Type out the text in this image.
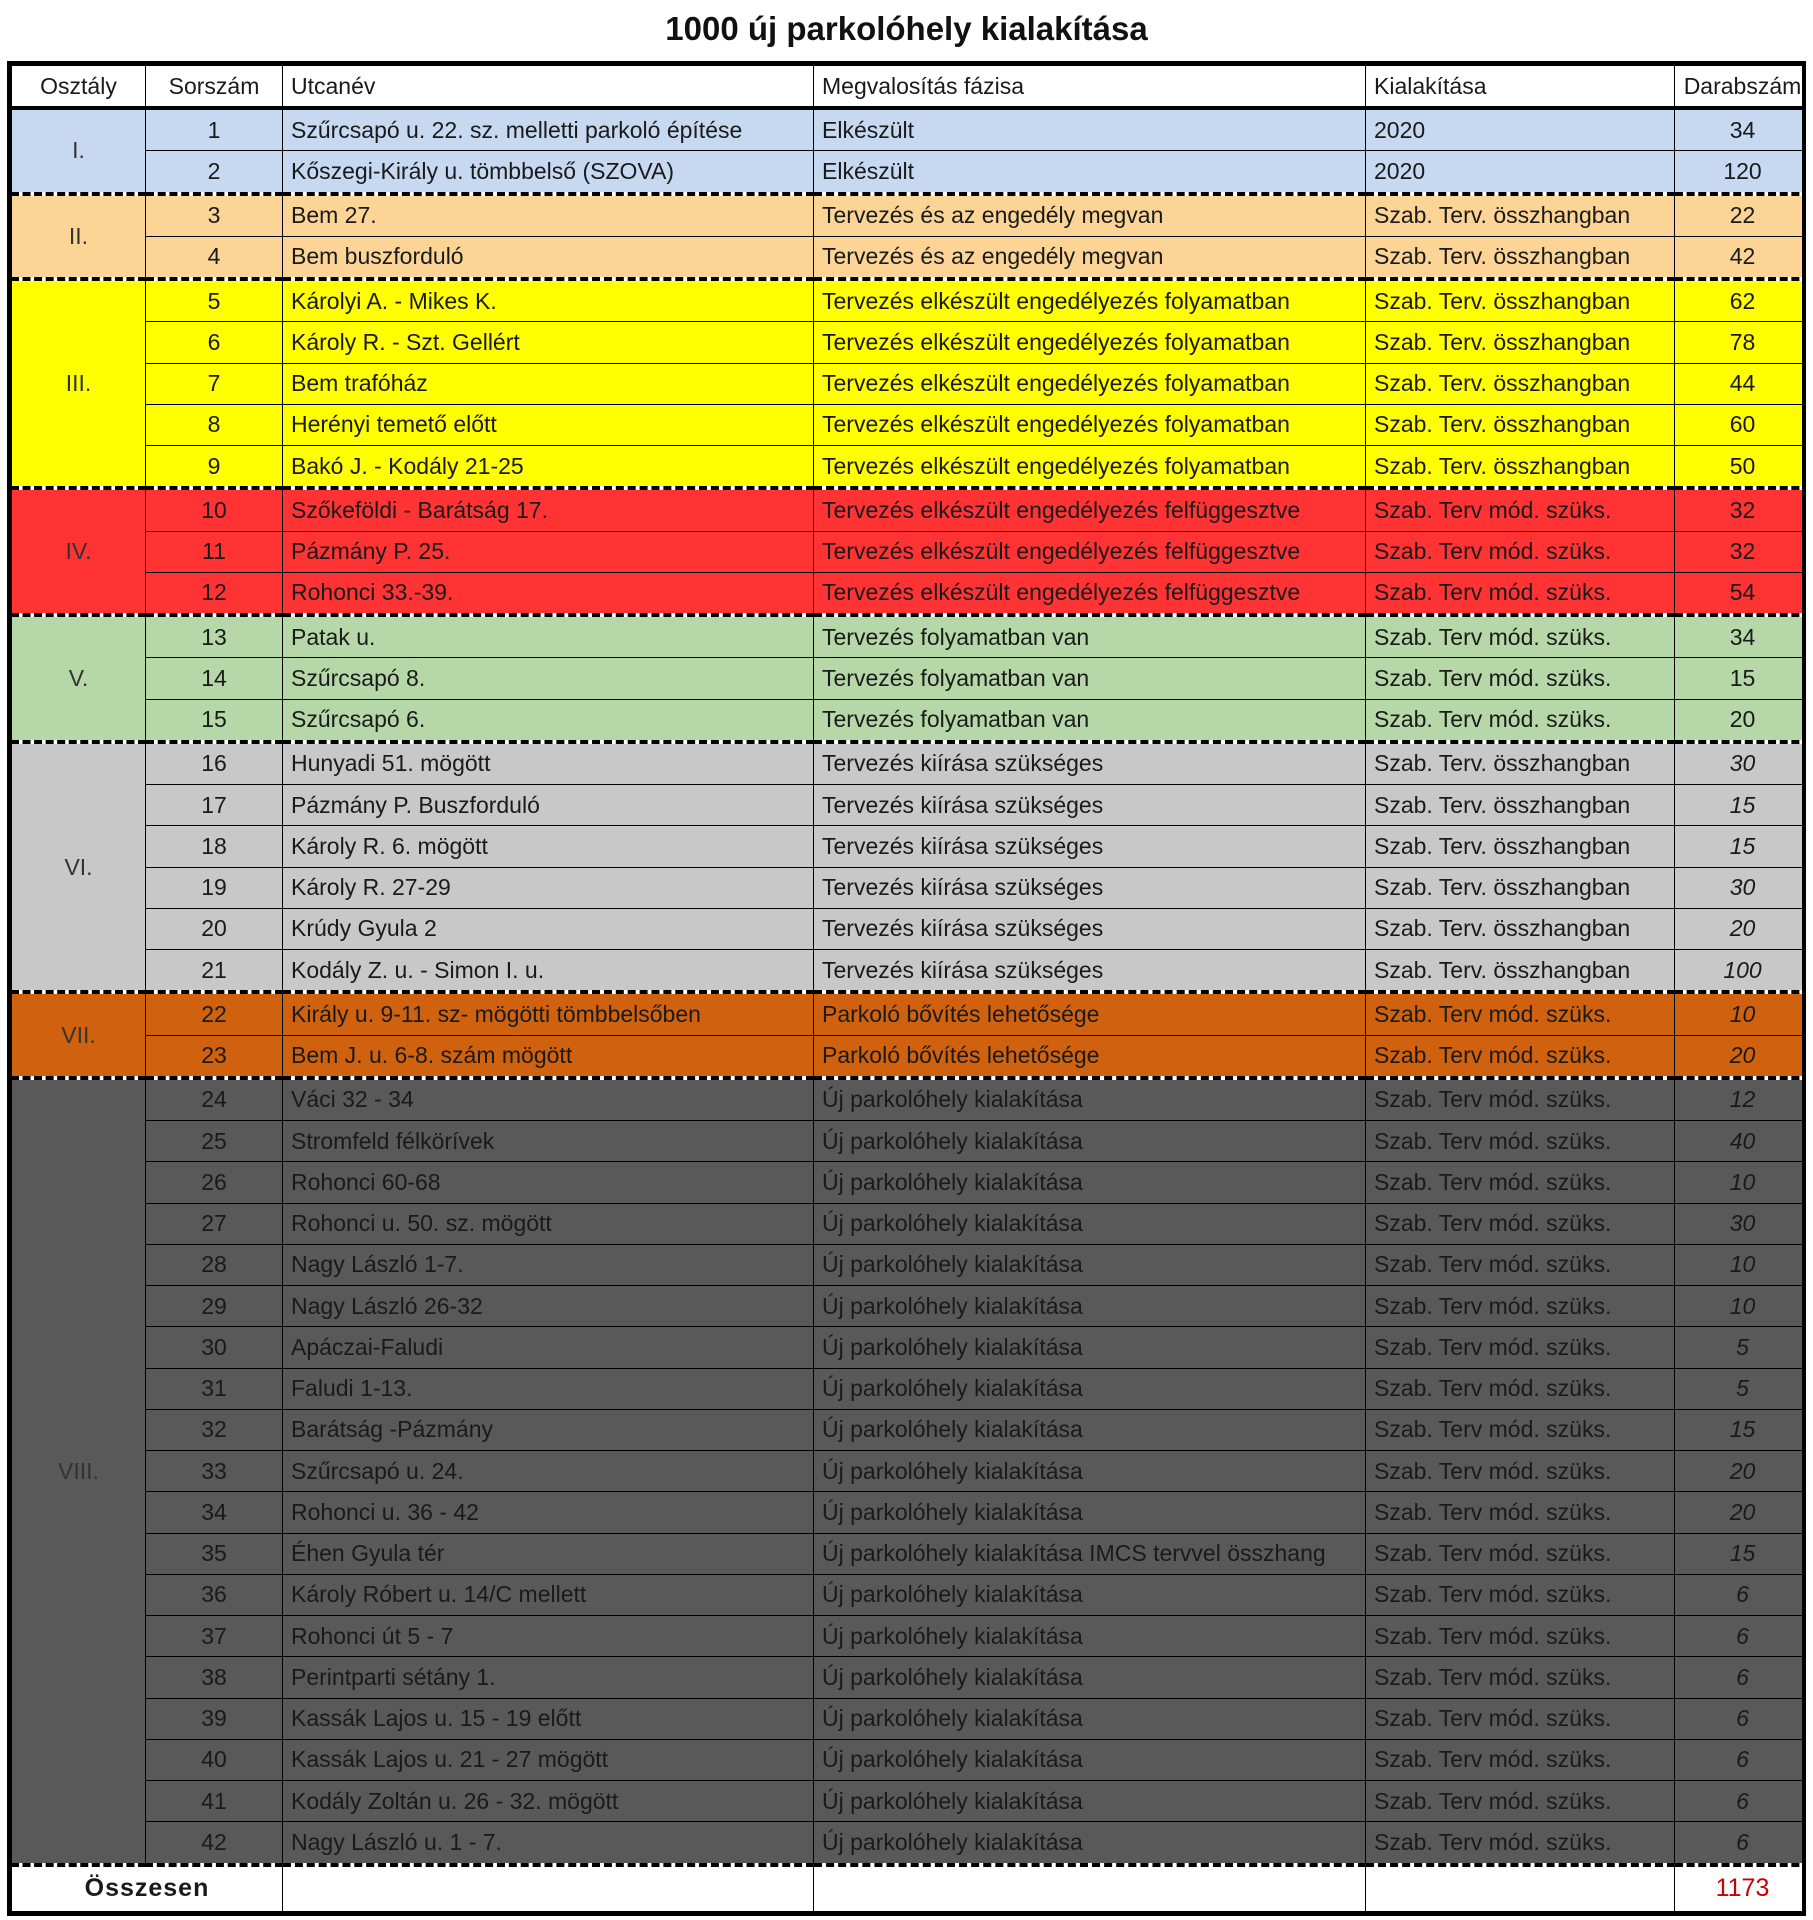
1000 új parkolóhely kialakítása
Osztály	Sorszám	Utcanév	Megvalosítás fázisa	Kialakítása	Darabszám
I.	1	Szűrcsapó u. 22. sz. melletti parkoló építése	Elkészült	2020	34
	2	Kőszegi-Király u. tömbbelső (SZOVA)	Elkészült	2020	120
II.	3	Bem 27.	Tervezés és az engedély megvan	Szab. Terv. összhangban	22
	4	Bem buszforduló	Tervezés és az engedély megvan	Szab. Terv. összhangban	42
III.	5	Károlyi A. - Mikes K.	Tervezés elkészült engedélyezés folyamatban	Szab. Terv. összhangban	62
	6	Károly R. - Szt. Gellért	Tervezés elkészült engedélyezés folyamatban	Szab. Terv. összhangban	78
	7	Bem trafóház	Tervezés elkészült engedélyezés folyamatban	Szab. Terv. összhangban	44
	8	Herényi temető előtt	Tervezés elkészült engedélyezés folyamatban	Szab. Terv. összhangban	60
	9	Bakó J. - Kodály 21-25	Tervezés elkészült engedélyezés folyamatban	Szab. Terv. összhangban	50
IV.	10	Szőkeföldi - Barátság 17.	Tervezés elkészült engedélyezés felfüggesztve	Szab. Terv mód. szüks.	32
	11	Pázmány P. 25.	Tervezés elkészült engedélyezés felfüggesztve	Szab. Terv mód. szüks.	32
	12	Rohonci 33.-39.	Tervezés elkészült engedélyezés felfüggesztve	Szab. Terv mód. szüks.	54
V.	13	Patak u.	Tervezés folyamatban van	Szab. Terv mód. szüks.	34
	14	Szűrcsapó 8.	Tervezés folyamatban van	Szab. Terv mód. szüks.	15
	15	Szűrcsapó 6.	Tervezés folyamatban van	Szab. Terv mód. szüks.	20
VI.	16	Hunyadi 51. mögött	Tervezés kiírása szükséges	Szab. Terv. összhangban	30
	17	Pázmány P. Buszforduló	Tervezés kiírása szükséges	Szab. Terv. összhangban	15
	18	Károly R. 6. mögött	Tervezés kiírása szükséges	Szab. Terv. összhangban	15
	19	Károly R. 27-29	Tervezés kiírása szükséges	Szab. Terv. összhangban	30
	20	Krúdy Gyula 2	Tervezés kiírása szükséges	Szab. Terv. összhangban	20
	21	Kodály Z. u. - Simon I. u.	Tervezés kiírása szükséges	Szab. Terv. összhangban	100
VII.	22	Király u. 9-11. sz- mögötti tömbbelsőben	Parkoló bővítés lehetősége	Szab. Terv mód. szüks.	10
	23	Bem J. u. 6-8. szám mögött	Parkoló bővítés lehetősége	Szab. Terv mód. szüks.	20
VIII.	24	Váci 32 - 34	Új parkolóhely kialakítása	Szab. Terv mód. szüks.	12
	25	Stromfeld félkörívek	Új parkolóhely kialakítása	Szab. Terv mód. szüks.	40
	26	Rohonci 60-68	Új parkolóhely kialakítása	Szab. Terv mód. szüks.	10
	27	Rohonci u. 50. sz. mögött	Új parkolóhely kialakítása	Szab. Terv mód. szüks.	30
	28	Nagy László 1-7.	Új parkolóhely kialakítása	Szab. Terv mód. szüks.	10
	29	Nagy László 26-32	Új parkolóhely kialakítása	Szab. Terv mód. szüks.	10
	30	Apáczai-Faludi	Új parkolóhely kialakítása	Szab. Terv mód. szüks.	5
	31	Faludi 1-13.	Új parkolóhely kialakítása	Szab. Terv mód. szüks.	5
	32	Barátság -Pázmány	Új parkolóhely kialakítása	Szab. Terv mód. szüks.	15
	33	Szűrcsapó u. 24.	Új parkolóhely kialakítása	Szab. Terv mód. szüks.	20
	34	Rohonci u. 36 - 42	Új parkolóhely kialakítása	Szab. Terv mód. szüks.	20
	35	Éhen Gyula tér	Új parkolóhely kialakítása IMCS tervvel összhang	Szab. Terv mód. szüks.	15
	36	Károly Róbert u. 14/C mellett	Új parkolóhely kialakítása	Szab. Terv mód. szüks.	6
	37	Rohonci út 5 - 7	Új parkolóhely kialakítása	Szab. Terv mód. szüks.	6
	38	Perintparti sétány 1.	Új parkolóhely kialakítása	Szab. Terv mód. szüks.	6
	39	Kassák Lajos u. 15 - 19 előtt	Új parkolóhely kialakítása	Szab. Terv mód. szüks.	6
	40	Kassák Lajos u. 21 - 27 mögött	Új parkolóhely kialakítása	Szab. Terv mód. szüks.	6
	41	Kodály Zoltán u. 26 - 32. mögött	Új parkolóhely kialakítása	Szab. Terv mód. szüks.	6
	42	Nagy László u. 1 - 7.	Új parkolóhely kialakítása	Szab. Terv mód. szüks.	6
Összesen					1173
